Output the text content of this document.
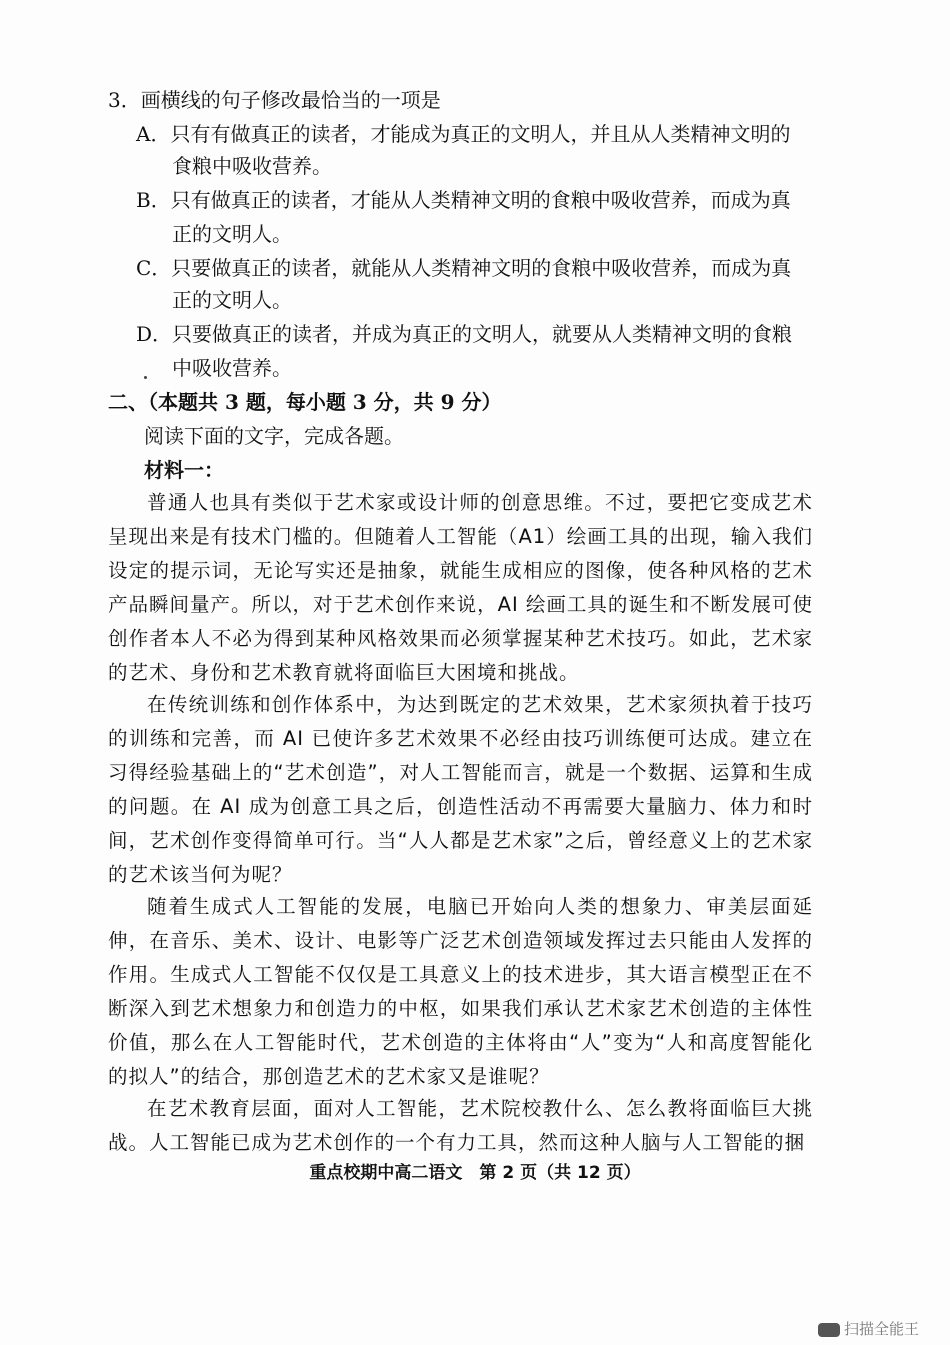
3．画横线的句子修改最恰当的一项是
A．只有有做真正的读者，才能成为真正的文明人，并且从人类精神文明的
食粮中吸收营养。
B．只有做真正的读者，才能从人类精神文明的食粮中吸收营养，而成为真
正的文明人。
C．只要做真正的读者，就能从人类精神文明的食粮中吸收营养，而成为真
正的文明人。
D．只要做真正的读者，并成为真正的文明人，就要从人类精神文明的食粮
中吸收营养。
二、（本题共 3 题，每小题 3 分，共 9 分）
阅读下面的文字，完成各题。
材料一：
普通人也具有类似于艺术家或设计师的创意思维。不过，要把它变成艺术呈现出来是有技术门槛的。但随着人工智能（A1）绘画工具的出现，输入我们设定的提示词，无论写实还是抽象，就能生成相应的图像，使各种风格的艺术产品瞬间量产。所以，对于艺术创作来说，AI 绘画工具的诞生和不断发展可使创作者本人不必为得到某种风格效果而必须掌握某种艺术技巧。如此，艺术家的艺术、身份和艺术教育就将面临巨大困境和挑战。
在传统训练和创作体系中，为达到既定的艺术效果，艺术家须执着于技巧的训练和完善，而 AI 已使许多艺术效果不必经由技巧训练便可达成。建立在习得经验基础上的“艺术创造”，对人工智能而言，就是一个数据、运算和生成的问题。在 AI 成为创意工具之后，创造性活动不再需要大量脑力、体力和时间，艺术创作变得简单可行。当“人人都是艺术家”之后，曾经意义上的艺术家的艺术该当何为呢？
随着生成式人工智能的发展，电脑已开始向人类的想象力、审美层面延伸，在音乐、美术、设计、电影等广泛艺术创造领域发挥过去只能由人发挥的作用。生成式人工智能不仅仅是工具意义上的技术进步，其大语言模型正在不断深入到艺术想象力和创造力的中枢，如果我们承认艺术家艺术创造的主体性价值，那么在人工智能时代，艺术创造的主体将由“人”变为“人和高度智能化的拟人”的结合，那创造艺术的艺术家又是谁呢？
在艺术教育层面，面对人工智能，艺术院校教什么、怎么教将面临巨大挑战。人工智能已成为艺术创作的一个有力工具，然而这种人脑与人工智能的捆
重点校期中高二语文　第 2 页（共 12 页）
扫描全能王
